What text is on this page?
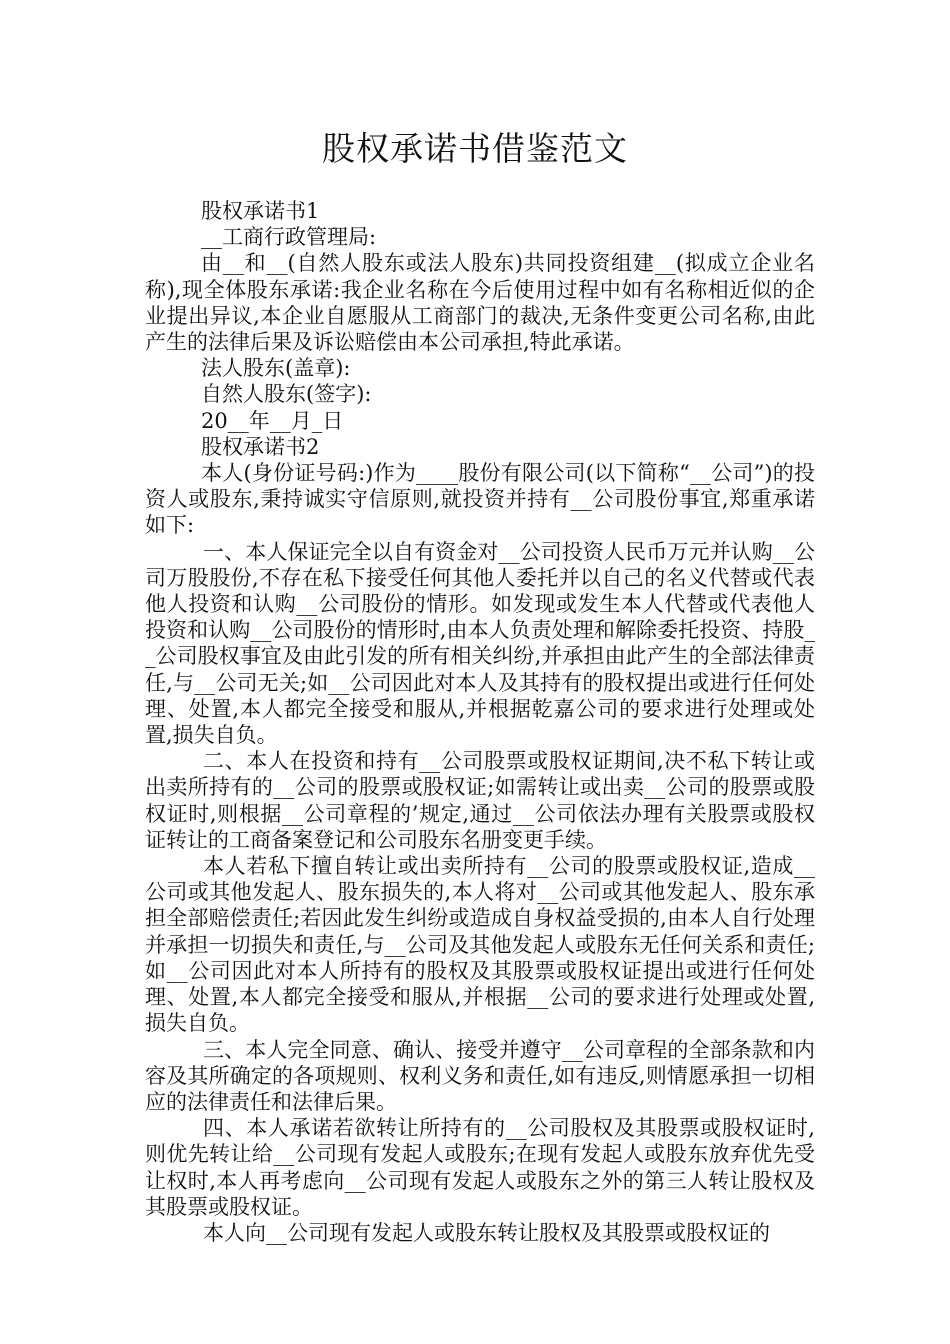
股权承诺书借鉴范文

股权承诺书1

__工商行政管理局:

由__和__(自然人股东或法人股东)共同投资组建__(拟成立企业名称),现全体股东承诺:我企业名称在今后使用过程中如有名称相近似的企业提出异议,本企业自愿服从工商部门的裁决,无条件变更公司名称,由此产生的法律后果及诉讼赔偿由本公司承担,特此承诺。

法人股东(盖章):

自然人股东(签字):

20__年__月_日

股权承诺书2

本人(身份证号码:)作为____股份有限公司(以下简称“__公司”)的投资人或股东,秉持诚实守信原则,就投资并持有__公司股份事宜,郑重承诺如下:

一、本人保证完全以自有资金对__公司投资人民币万元并认购__公司万股股份,不存在私下接受任何其他人委托并以自己的名义代替或代表他人投资和认购__公司股份的情形。如发现或发生本人代替或代表他人投资和认购__公司股份的情形时,由本人负责处理和解除委托投资、持股__公司股权事宜及由此引发的所有相关纠纷,并承担由此产生的全部法律责任,与__公司无关;如__公司因此对本人及其持有的股权提出或进行任何处理、处置,本人都完全接受和服从,并根据乾嘉公司的要求进行处理或处置,损失自负。

二、本人在投资和持有__公司股票或股权证期间,决不私下转让或出卖所持有的__公司的股票或股权证;如需转让或出卖__公司的股票或股权证时,则根据__公司章程的’规定,通过__公司依法办理有关股票或股权证转让的工商备案登记和公司股东名册变更手续。

本人若私下擅自转让或出卖所持有__公司的股票或股权证,造成__公司或其他发起人、股东损失的,本人将对__公司或其他发起人、股东承担全部赔偿责任;若因此发生纠纷或造成自身权益受损的,由本人自行处理并承担一切损失和责任,与__公司及其他发起人或股东无任何关系和责任;如__公司因此对本人所持有的股权及其股票或股权证提出或进行任何处理、处置,本人都完全接受和服从,并根据__公司的要求进行处理或处置,损失自负。

三、本人完全同意、确认、接受并遵守__公司章程的全部条款和内容及其所确定的各项规则、权利义务和责任,如有违反,则情愿承担一切相应的法律责任和法律后果。

四、本人承诺若欲转让所持有的__公司股权及其股票或股权证时,则优先转让给__公司现有发起人或股东;在现有发起人或股东放弃优先受让权时,本人再考虑向__公司现有发起人或股东之外的第三人转让股权及其股票或股权证。

本人向__公司现有发起人或股东转让股权及其股票或股权证的
